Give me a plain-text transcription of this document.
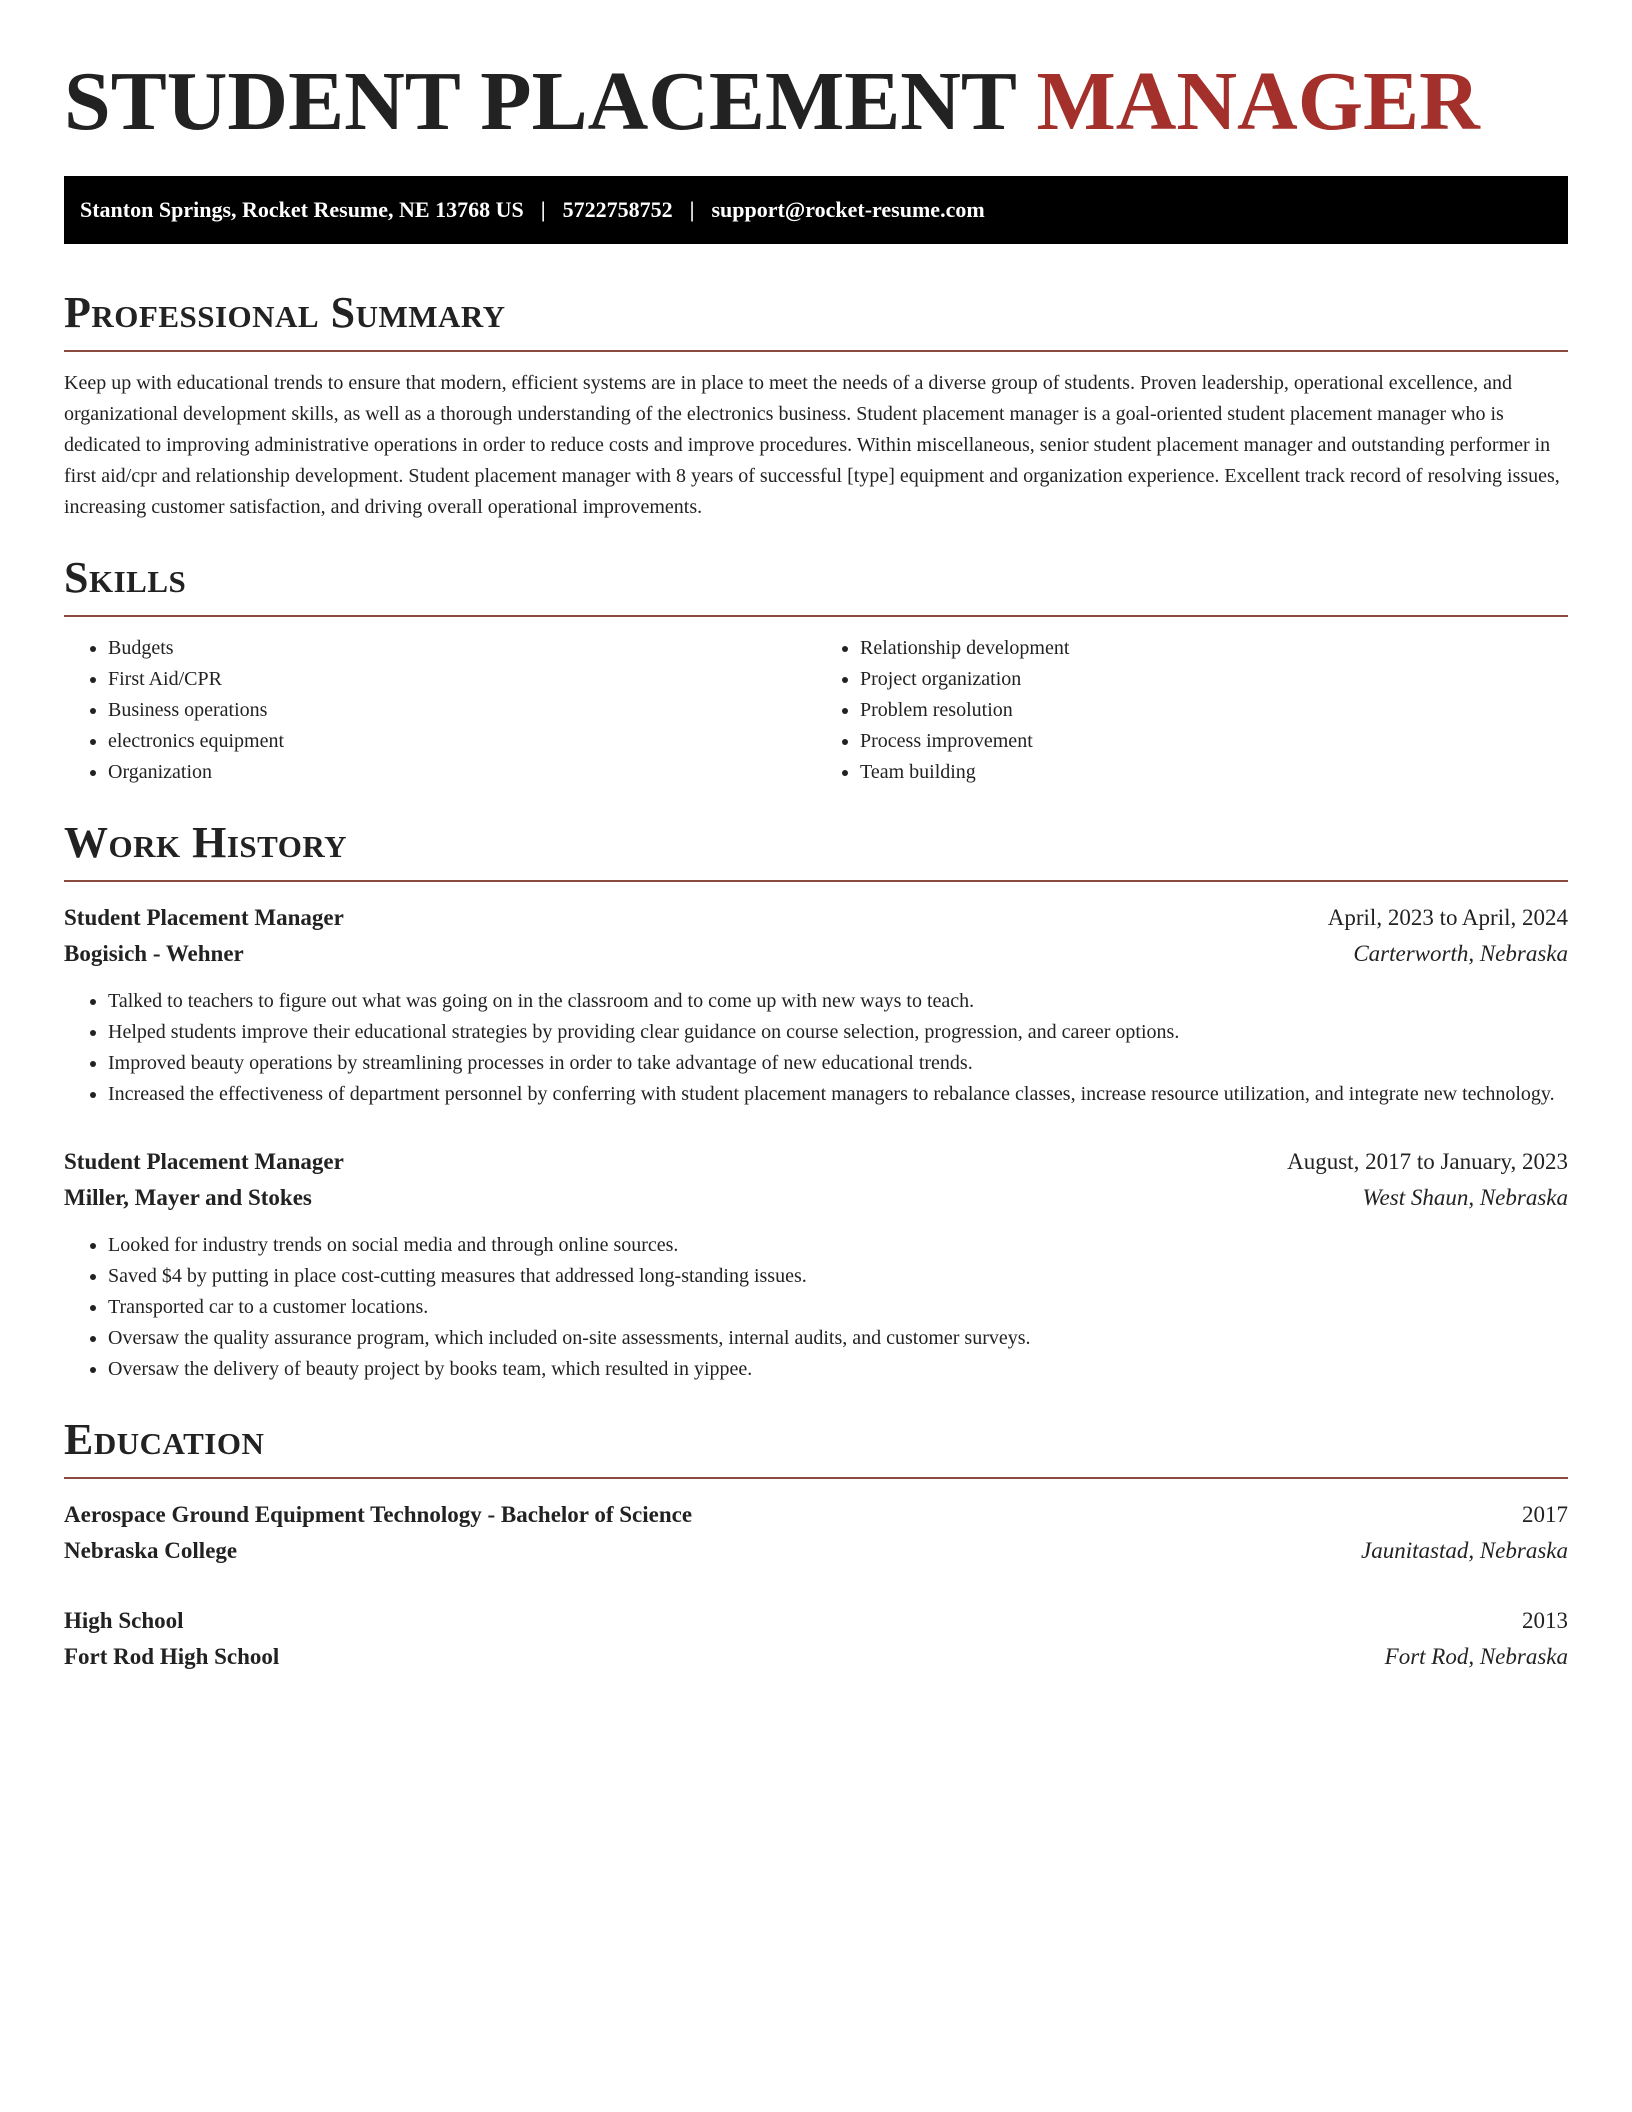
STUDENT PLACEMENT MANAGER
Stanton Springs, Rocket Resume, NE 13768 US | 5722758752 | support@rocket-resume.com
Professional Summary

Keep up with educational trends to ensure that modern, efficient systems are in place to meet the needs of a diverse group of students. Proven leadership, operational excellence, and organizational development skills, as well as a thorough understanding of the electronics business. Student placement manager is a goal-oriented student placement manager who is dedicated to improving administrative operations in order to reduce costs and improve procedures. Within miscellaneous, senior student placement manager and outstanding performer in first aid/cpr and relationship development. Student placement manager with 8 years of successful [type] equipment and organization experience. Excellent track record of resolving issues, increasing customer satisfaction, and driving overall operational improvements.

Skills
• Budgets
• First Aid/CPR
• Business operations
• electronics equipment
• Organization
• Relationship development
• Project organization
• Problem resolution
• Process improvement
• Team building
Work History
Student Placement Manager	April, 2023 to April, 2024
Bogisich - Wehner	Carterworth, Nebraska
• Talked to teachers to figure out what was going on in the classroom and to come up with new ways to teach.
• Helped students improve their educational strategies by providing clear guidance on course selection, progression, and career options.
• Improved beauty operations by streamlining processes in order to take advantage of new educational trends.
• Increased the effectiveness of department personnel by conferring with student placement managers to rebalance classes, increase resource utilization, and integrate new technology.
Student Placement Manager	August, 2017 to January, 2023
Miller, Mayer and Stokes	West Shaun, Nebraska
• Looked for industry trends on social media and through online sources.
• Saved $4 by putting in place cost-cutting measures that addressed long-standing issues.
• Transported car to a customer locations.
• Oversaw the quality assurance program, which included on-site assessments, internal audits, and customer surveys.
• Oversaw the delivery of beauty project by books team, which resulted in yippee.
Education
Aerospace Ground Equipment Technology - Bachelor of Science	2017
Nebraska College	Jaunitastad, Nebraska
High School	2013
Fort Rod High School	Fort Rod, Nebraska
